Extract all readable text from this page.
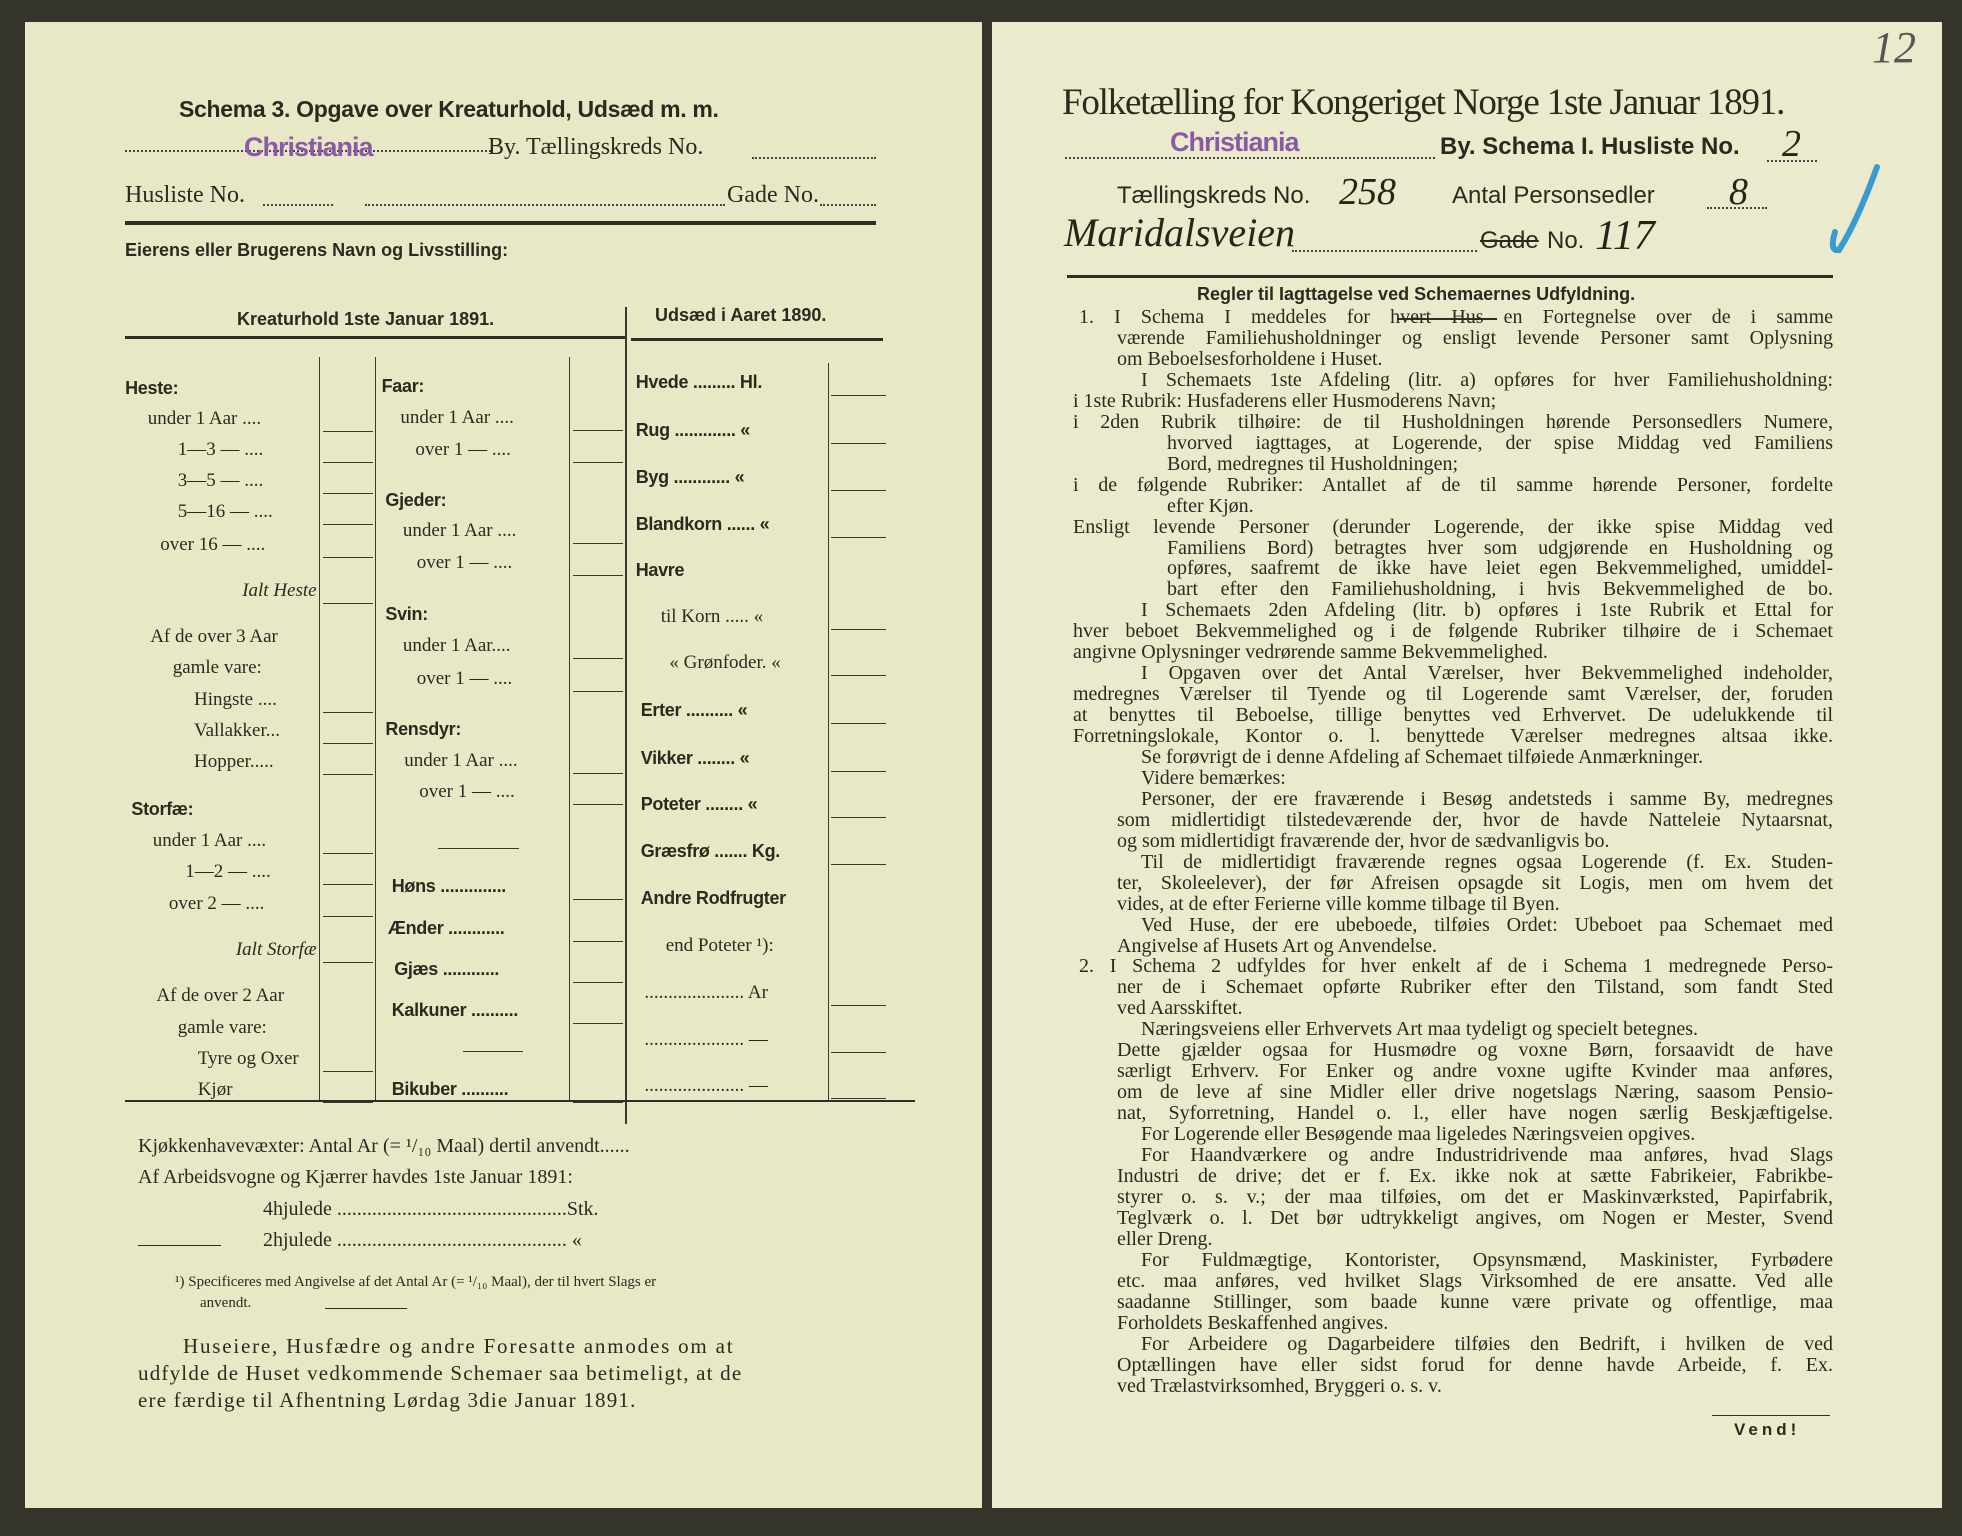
Schema 3. Opgave over Kreaturhold, Udsæd m. m.
Christiania	By. Tællingskreds No.
Husliste No.	Gade No.
Eierens eller Brugerens Navn og Livsstilling:
Kreaturhold 1ste Januar 1891.	Udsæd i Aaret 1890.
Heste:
under 1 Aar ....
1—3 — ....
3—5 — ....
5—16 — ....
over 16 — ....
Ialt Heste
Af de over 3 Aar
gamle vare:
Hingste ....
Vallakker...
Hopper.....
Storfæ:
under 1 Aar ....
1—2 — ....
over 2 — ....
Ialt Storfæ
Af de over 2 Aar
gamle vare:
Tyre og Oxer
Kjør
Faar:
under 1 Aar ....
over 1 — ....
Gjeder:
under 1 Aar ....
over 1 — ....
Svin:
under 1 Aar....
over 1 — ....
Rensdyr:
under 1 Aar ....
over 1 — ....
Høns ..............
Ænder ............
Gjæs ............
Kalkuner ..........
Bikuber ..........
Hvede ......... Hl.
Rug ............. «
Byg ............ «
Blandkorn ...... «
Havre
til Korn ..... «
« Grønfoder. «
Erter .......... «
Vikker ........ «
Poteter ........ «
Græsfrø ....... Kg.
Andre Rodfrugter
end Poteter ¹):
..................... Ar
..................... —
..................... —
Kjøkkenhavevæxter: Antal Ar (= ¹/₁₀ Maal) dertil anvendt......
Af Arbeidsvogne og Kjærrer havdes 1ste Januar 1891:
4hjulede ..............................................Stk.
2hjulede .............................................. «
¹) Specificeres med Angivelse af det Antal Ar (= ¹/₁₀ Maal), der til hvert Slags er
anvendt.
Huseiere, Husfædre og andre Foresatte anmodes om at
udfylde de Huset vedkommende Schemaer saa betimeligt, at de
ere færdige til Afhentning Lørdag 3die Januar 1891.
12
Folketælling for Kongeriget Norge 1ste Januar 1891.
Christiania	By. Schema I. Husliste No. 2
Tællingskreds No. 258 Antal Personsedler 8
Maridalsveien	Gade No. 117
Regler til Iagttagelse ved Schemaernes Udfyldning.
1. I Schema I meddeles for hvert Hus en Fortegnelse over de i samme
værende Familiehusholdninger og ensligt levende Personer samt Oplysning
om Beboelsesforholdene i Huset.
I Schemaets 1ste Afdeling (litr. a) opføres for hver Familiehusholdning:
i 1ste Rubrik: Husfaderens eller Husmoderens Navn;
i 2den Rubrik tilhøire: de til Husholdningen hørende Personsedlers Numere,
hvorved iagttages, at Logerende, der spise Middag ved Familiens
Bord, medregnes til Husholdningen;
i de følgende Rubriker: Antallet af de til samme hørende Personer, fordelte
efter Kjøn.
Ensligt levende Personer (derunder Logerende, der ikke spise Middag ved
Familiens Bord) betragtes hver som udgjørende en Husholdning og
opføres, saafremt de ikke have leiet egen Bekvemmelighed, umiddel-
bart efter den Familiehusholdning, i hvis Bekvemmelighed de bo.
I Schemaets 2den Afdeling (litr. b) opføres i 1ste Rubrik et Ettal for
hver beboet Bekvemmelighed og i de følgende Rubriker tilhøire de i Schemaet
angivne Oplysninger vedrørende samme Bekvemmelighed.
I Opgaven over det Antal Værelser, hver Bekvemmelighed indeholder,
medregnes Værelser til Tyende og til Logerende samt Værelser, der, foruden
at benyttes til Beboelse, tillige benyttes ved Erhvervet. De udelukkende til
Forretningslokale, Kontor o. l. benyttede Værelser medregnes altsaa ikke.
Se forøvrigt de i denne Afdeling af Schemaet tilføiede Anmærkninger.
Videre bemærkes:
Personer, der ere fraværende i Besøg andetsteds i samme By, medregnes
som midlertidigt tilstedeværende der, hvor de havde Natteleie Nytaarsnat,
og som midlertidigt fraværende der, hvor de sædvanligvis bo.
Til de midlertidigt fraværende regnes ogsaa Logerende (f. Ex. Studen-
ter, Skoleelever), der før Afreisen opsagde sit Logis, men om hvem det
vides, at de efter Ferierne ville komme tilbage til Byen.
Ved Huse, der ere ubeboede, tilføies Ordet: Ubeboet paa Schemaet med
Angivelse af Husets Art og Anvendelse.
2. I Schema 2 udfyldes for hver enkelt af de i Schema 1 medregnede Perso-
ner de i Schemaet opførte Rubriker efter den Tilstand, som fandt Sted
ved Aarsskiftet.
Næringsveiens eller Erhvervets Art maa tydeligt og specielt betegnes.
Dette gjælder ogsaa for Husmødre og voxne Børn, forsaavidt de have
særligt Erhverv. For Enker og andre voxne ugifte Kvinder maa anføres,
om de leve af sine Midler eller drive nogetslags Næring, saasom Pensio-
nat, Syforretning, Handel o. l., eller have nogen særlig Beskjæftigelse.
For Logerende eller Besøgende maa ligeledes Næringsveien opgives.
For Haandværkere og andre Industridrivende maa anføres, hvad Slags
Industri de drive; det er f. Ex. ikke nok at sætte Fabrikeier, Fabrikbe-
styrer o. s. v.; der maa tilføies, om det er Maskinværksted, Papirfabrik,
Teglværk o. l. Det bør udtrykkeligt angives, om Nogen er Mester, Svend
eller Dreng.
For Fuldmægtige, Kontorister, Opsynsmænd, Maskinister, Fyrbødere
etc. maa anføres, ved hvilket Slags Virksomhed de ere ansatte. Ved alle
saadanne Stillinger, som baade kunne være private og offentlige, maa
Forholdets Beskaffenhed angives.
For Arbeidere og Dagarbeidere tilføies den Bedrift, i hvilken de ved
Optællingen have eller sidst forud for denne havde Arbeide, f. Ex.
ved Trælastvirksomhed, Bryggeri o. s. v.
Vend!
